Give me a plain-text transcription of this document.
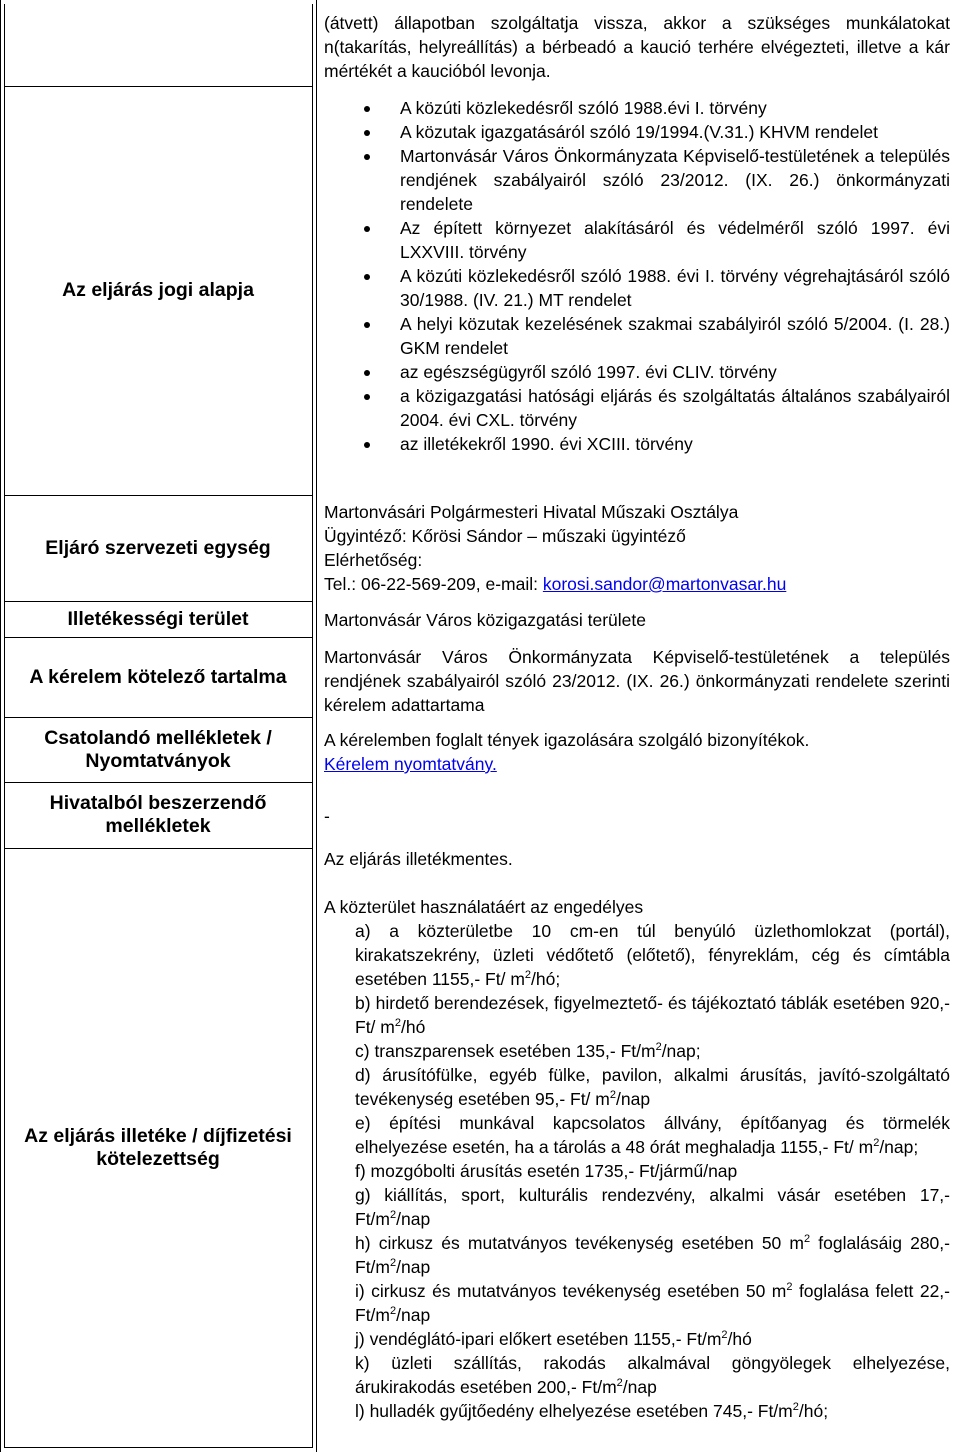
Az eljárás jogi alapja
Eljáró szervezeti egység
Illetékességi terület
A kérelem kötelező tartalma
Csatolandó mellékletek /
Nyomtatványok
Hivatalból beszerzendő
mellékletek
Az eljárás illetéke / díjfizetési
kötelezettség
(átvett) állapotban szolgáltatja vissza, akkor a szükséges munkálatokat n(takarítás, helyreállítás) a bérbeadó a kaució terhére elvégezteti, illetve a kár mértékét a kaucióból levonja.
A közúti közlekedésről szóló 1988.évi I. törvény
A közutak igazgatásáról szóló 19/1994.(V.31.) KHVM rendelet
Martonvásár Város Önkormányzata Képviselő-testületének a település rendjének szabályairól szóló 23/2012. (IX. 26.) önkormányzati rendelete
Az épített környezet alakításáról és védelméről szóló 1997. évi LXXVIII. törvény
A közúti közlekedésről szóló 1988. évi I. törvény végrehajtásáról szóló 30/1988. (IV. 21.) MT rendelet
A helyi közutak kezelésének szakmai szabályiról szóló 5/2004. (I. 28.) GKM rendelet
az egészségügyről szóló 1997. évi CLIV. törvény
a közigazgatási hatósági eljárás és szolgáltatás általános szabályairól 2004. évi CXL. törvény
az illetékekről 1990. évi XCIII. törvény
Martonvásári Polgármesteri Hivatal Műszaki Osztálya
Ügyintéző: Kőrösi Sándor – műszaki ügyintéző
Elérhetőség:
Tel.: 06-22-569-209, e-mail: korosi.sandor@martonvasar.hu
Martonvásár Város közigazgatási területe
Martonvásár Város Önkormányzata Képviselő-testületének a település rendjének szabályairól szóló 23/2012. (IX. 26.) önkormányzati rendelete szerinti kérelem adattartama
A kérelemben foglalt tények igazolására szolgáló bizonyítékok.
Kérelem nyomtatvány.
-
Az eljárás illetékmentes.
A közterület használatáért az engedélyes
a) a közterületbe 10 cm-en túl benyúló üzlethomlokzat (portál), kirakatszekrény, üzleti védőtető (előtető), fényreklám, cég és címtábla esetében 1155,- Ft/ $m^2/hó$;
b) hirdető berendezések, figyelmeztető- és tájékoztató táblák esetében 920,- Ft/ $m^2/hó$
c) transzparensek esetében 135,- $Ft/m^2$/nap;
d) árusítófülke, egyéb fülke, pavilon, alkalmi árusítás, javító-szolgáltató tevékenység esetében 95,- Ft/ $m^2$/nap
e) építési munkával kapcsolatos állvány, építőanyag és törmelék elhelyezése esetén, ha a tárolás a 48 órát meghaladja 1155,- Ft/ $m^2$/nap;
f) mozgóbolti árusítás esetén 1735,- Ft/jármű/nap
g) kiállítás, sport, kulturális rendezvény, alkalmi vásár esetében 17,- $Ft/m^2$/nap
h) cirkusz és mutatványos tevékenység esetében 50 $m^2$ foglalásáig $280,-Ft/m^2$/nap
i) cirkusz és mutatványos tevékenység esetében 50 $m^2$ foglalása felett 22,- $Ft/m^2$/nap
j) vendéglátó-ipari előkert esetében 1155,- $Ft/m^2/hó$
k) üzleti szállítás, rakodás alkalmával göngyölegek elhelyezése, árukirakodás esetében 200,- $Ft/m^2$/nap
l) hulladék gyűjtőedény elhelyezése esetében 745,- $Ft/m^2/hó$;
